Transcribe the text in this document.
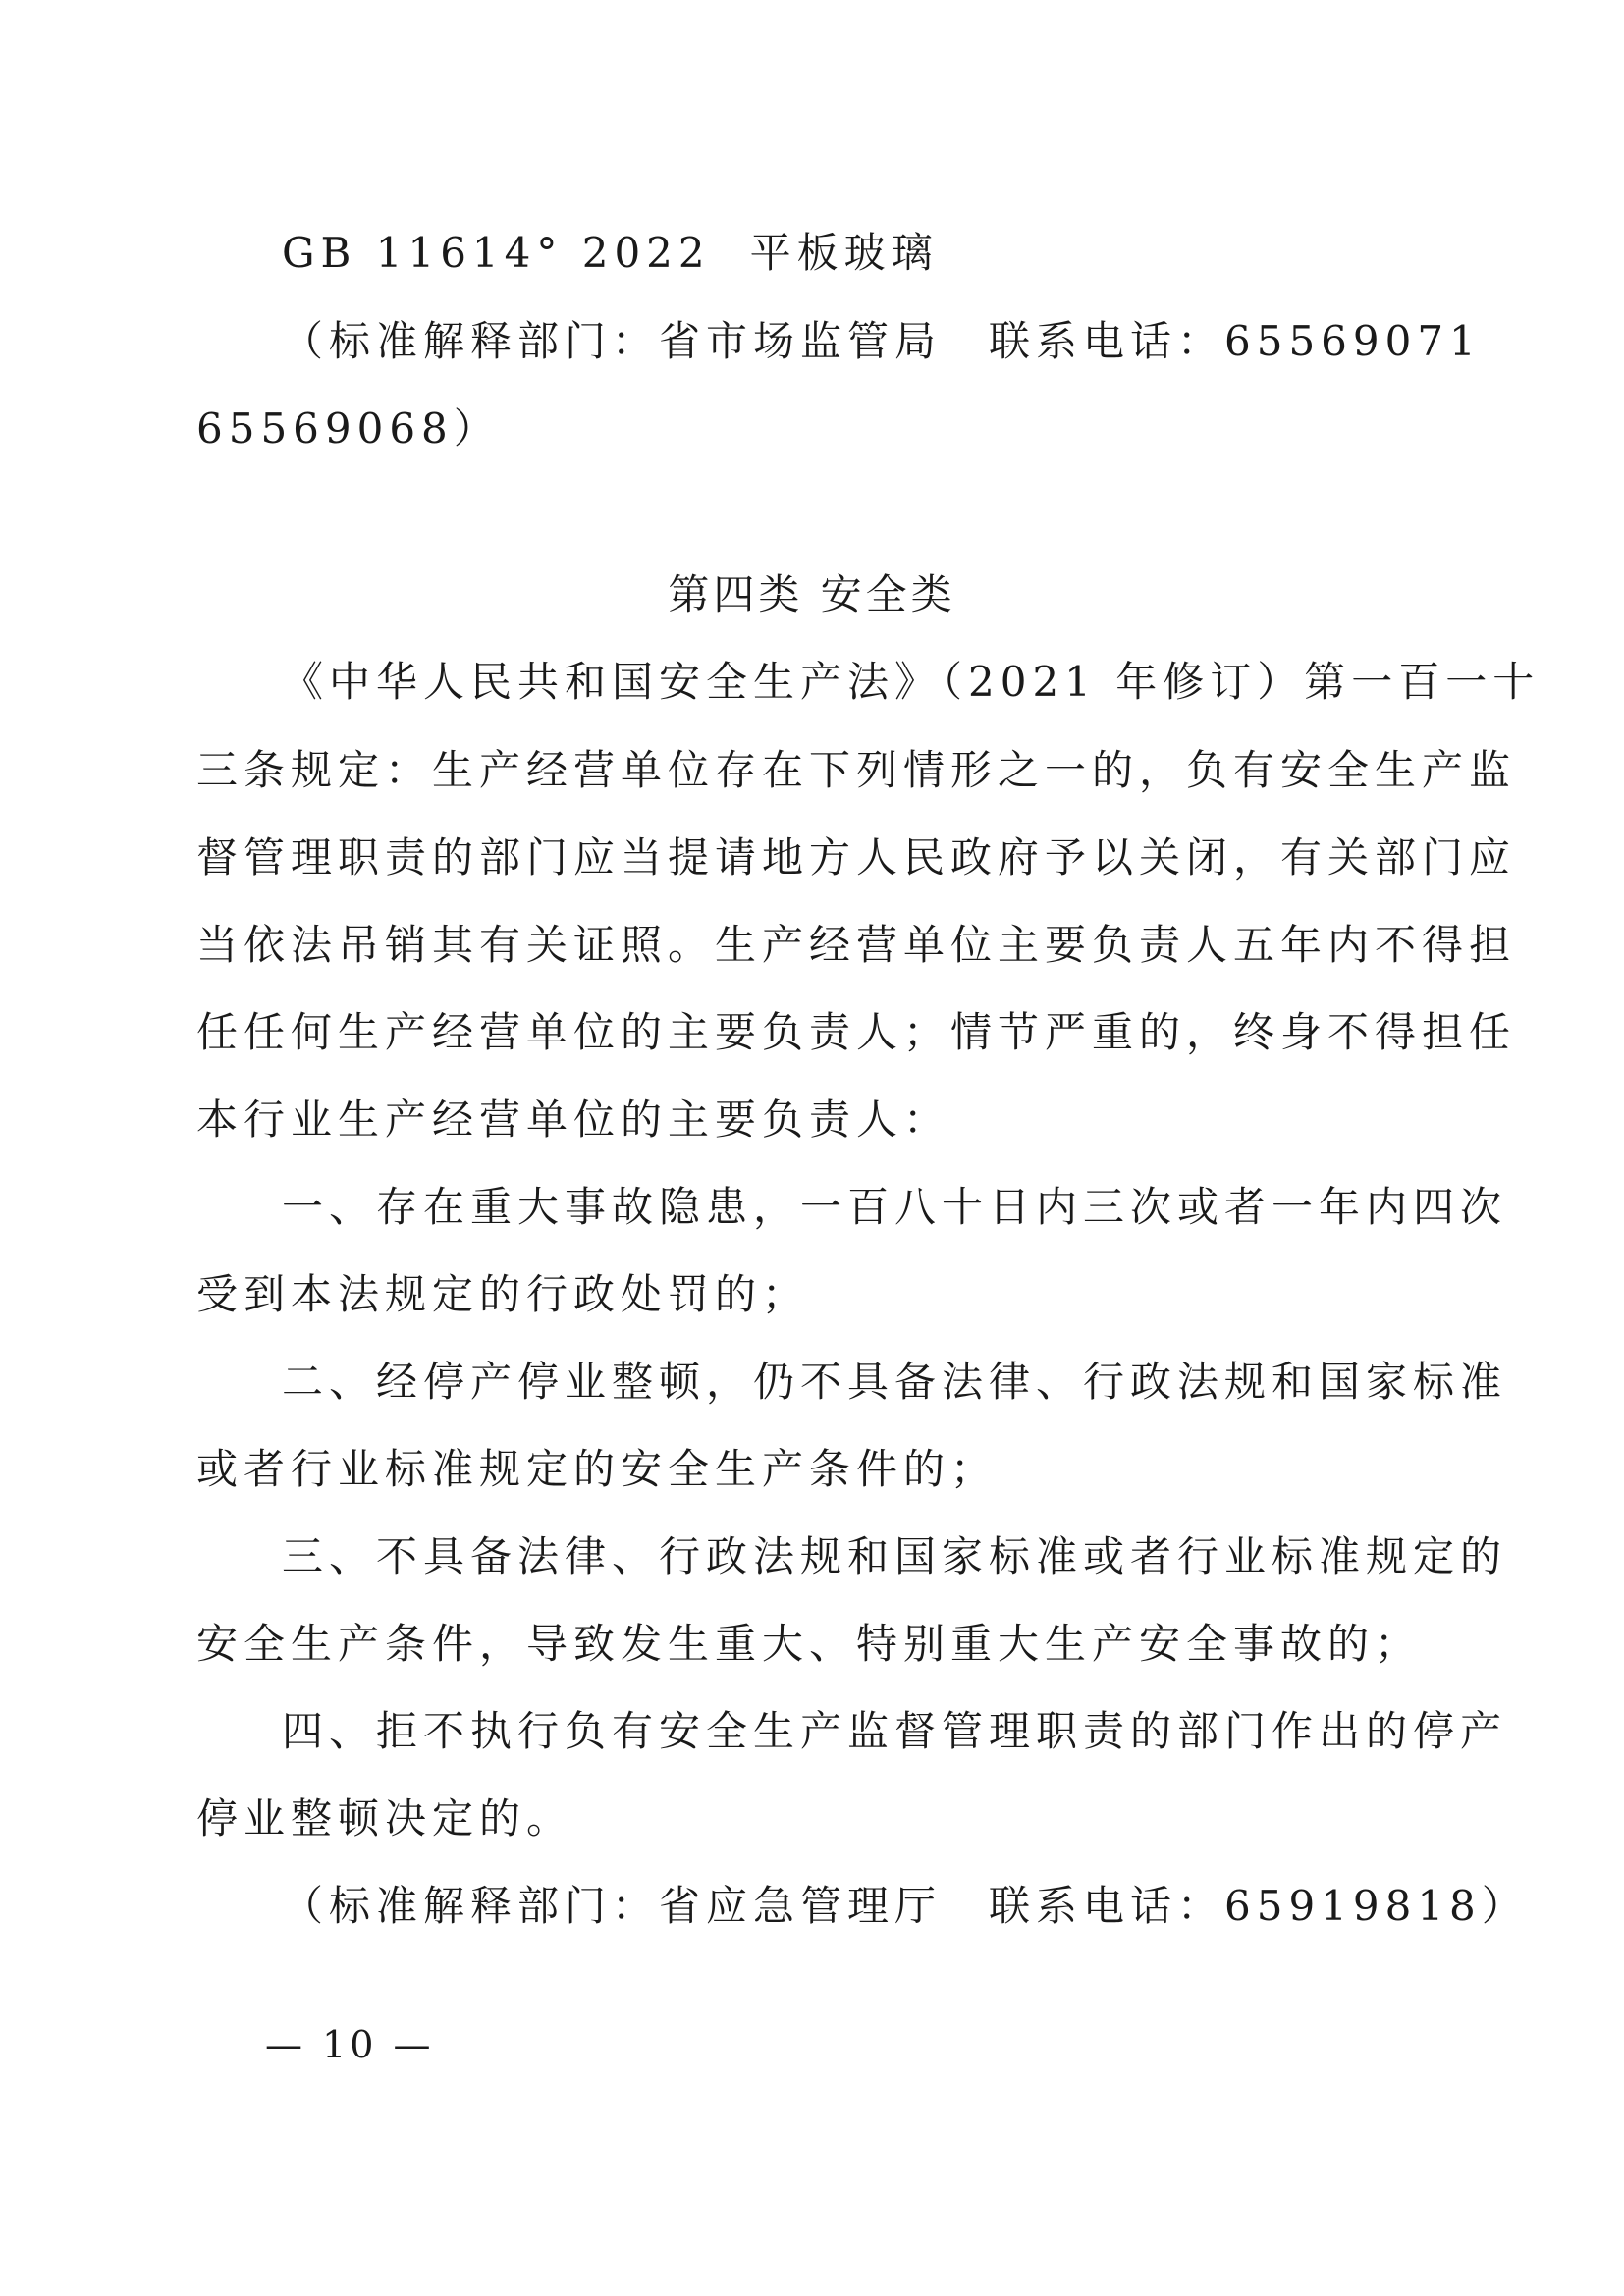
GB 11614° 2022 平板玻璃
（标准解释部门：省市场监管局　联系电话：65569071
65569068）
第四类 安全类
《中华人民共和国安全生产法》（2021 年修订）第一百一十
三条规定：生产经营单位存在下列情形之一的，负有安全生产监
督管理职责的部门应当提请地方人民政府予以关闭，有关部门应
当依法吊销其有关证照。生产经营单位主要负责人五年内不得担
任任何生产经营单位的主要负责人；情节严重的，终身不得担任
本行业生产经营单位的主要负责人：
一、存在重大事故隐患，一百八十日内三次或者一年内四次
受到本法规定的行政处罚的；
二、经停产停业整顿，仍不具备法律、行政法规和国家标准
或者行业标准规定的安全生产条件的；
三、不具备法律、行政法规和国家标准或者行业标准规定的
安全生产条件，导致发生重大、特别重大生产安全事故的；
四、拒不执行负有安全生产监督管理职责的部门作出的停产
停业整顿决定的。
（标准解释部门：省应急管理厅　联系电话：65919818）
— 10 —
